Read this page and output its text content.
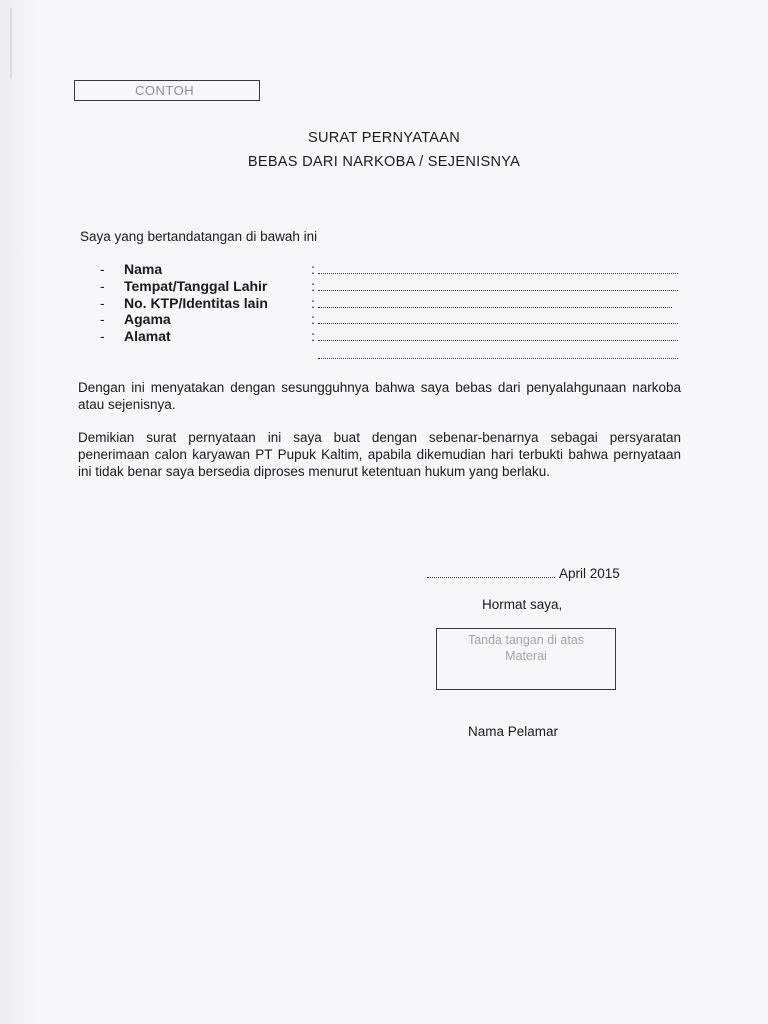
CONTOH
SURAT PERNYATAAN
BEBAS DARI NARKOBA / SEJENISNYA
Saya yang bertandatangan di bawah ini
- Nama	:
- Tempat/Tanggal Lahir	:
- No. KTP/Identitas lain	:
- Agama	:
- Alamat	:
Dengan ini menyatakan dengan sesungguhnya bahwa saya bebas dari penyalahgunaan narkoba atau sejenisnya.
Demikian surat pernyataan ini saya buat dengan sebenar-benarnya sebagai persyaratan penerimaan calon karyawan PT Pupuk Kaltim, apabila dikemudian hari terbukti bahwa pernyataan ini tidak benar saya bersedia diproses menurut ketentuan hukum yang berlaku.
April 2015
Hormat saya,
Tanda tangan di atas
Materai
Nama Pelamar
